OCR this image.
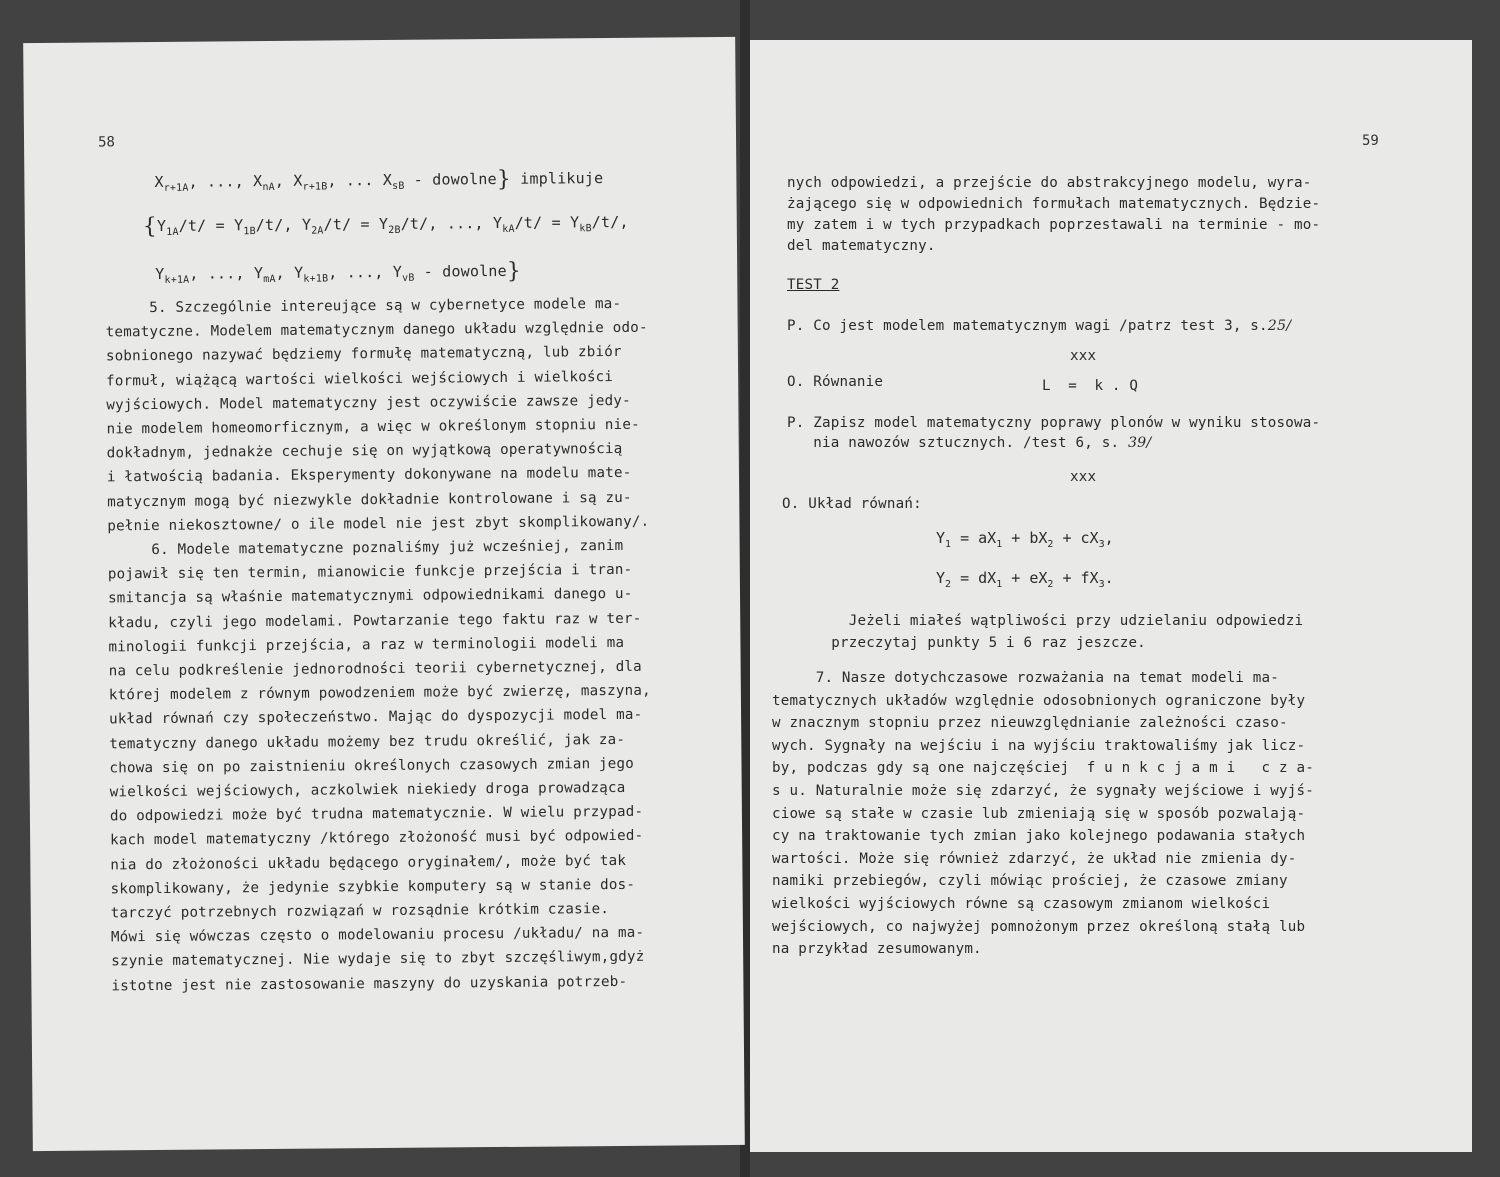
58
$X_{r+1A}$, ..., $X_{nA}$, $X_{r+1B}$, ... $X_{sB}$ - dowolne} implikuje
{$Y_{1A}/t/ = Y_{1B}/t/$, $Y_{2A}/t/ = Y_{2B}/t/$, ..., $Y_{kA}/t/ = Y_{kB}/t/$,
$Y_{k+1A}$, ..., $Y_{mA}$, $Y_{k+1B}$, ..., $Y_{vB}$ - dowolne}
5. Szczególnie intereujące są w cybernetyce modele ma-
tematyczne. Modelem matematycznym danego układu względnie odo-
sobnionego nazywać będziemy formułę matematyczną, lub zbiór
formuł, wiążącą wartości wielkości wejściowych i wielkości
wyjściowych. Model matematyczny jest oczywiście zawsze jedy-
nie modelem homeomorficznym, a więc w określonym stopniu nie-
dokładnym, jednakże cechuje się on wyjątkową operatywnością
i łatwością badania. Eksperymenty dokonywane na modelu mate-
matycznym mogą być niezwykle dokładnie kontrolowane i są zu-
pełnie niekosztowne/ o ile model nie jest zbyt skomplikowany/.
6. Modele matematyczne poznaliśmy już wcześniej, zanim
pojawił się ten termin, mianowicie funkcje przejścia i tran-
smitancja są właśnie matematycznymi odpowiednikami danego u-
kładu, czyli jego modelami. Powtarzanie tego faktu raz w ter-
minologii funkcji przejścia, a raz w terminologii modeli ma
na celu podkreślenie jednorodności teorii cybernetycznej, dla
której modelem z równym powodzeniem może być zwierzę, maszyna,
układ równań czy społeczeństwo. Mając do dyspozycji model ma-
tematyczny danego układu możemy bez trudu określić, jak za-
chowa się on po zaistnieniu określonych czasowych zmian jego
wielkości wejściowych, aczkolwiek niekiedy droga prowadząca
do odpowiedzi może być trudna matematycznie. W wielu przypad-
kach model matematyczny /którego złożoność musi być odpowied-
nia do złożoności układu będącego oryginałem/, może być tak
skomplikowany, że jedynie szybkie komputery są w stanie dos-
tarczyć potrzebnych rozwiązań w rozsądnie krótkim czasie.
Mówi się wówczas często o modelowaniu procesu /układu/ na ma-
szynie matematycznej. Nie wydaje się to zbyt szczęśliwym,gdyż
istotne jest nie zastosowanie maszyny do uzyskania potrzeb-
59
nych odpowiedzi, a przejście do abstrakcyjnego modelu, wyra-
żającego się w odpowiednich formułach matematycznych. Będzie-
my zatem i w tych przypadkach poprzestawali na terminie - mo-
del matematyczny.
TEST 2
P. Co jest modelem matematycznym wagi /patrz test 3, s.25/
xxx
O. Równanie	L  =  k . Q
P. Zapisz model matematyczny poprawy plonów w wyniku stosowa-
nia nawozów sztucznych. /test 6, s. 39/
xxx
O. Układ równań:
$Y_1 = aX_1 + bX_2 + cX_3$,
$Y_2 = dX_1 + eX_2 + fX_3$.
Jeżeli miałeś wątpliwości przy udzielaniu odpowiedzi
przeczytaj punkty 5 i 6 raz jeszcze.
7. Nasze dotychczasowe rozważania na temat modeli ma-
tematycznych układów względnie odosobnionych ograniczone były
w znacznym stopniu przez nieuwzględnianie zależności czaso-
wych. Sygnały na wejściu i na wyjściu traktowaliśmy jak licz-
by, podczas gdy są one najczęściej  f u n k c j a m i   c z a-
s u. Naturalnie może się zdarzyć, że sygnały wejściowe i wyjś-
ciowe są stałe w czasie lub zmieniają się w sposób pozwalają-
cy na traktowanie tych zmian jako kolejnego podawania stałych
wartości. Może się również zdarzyć, że układ nie zmienia dy-
namiki przebiegów, czyli mówiąc prościej, że czasowe zmiany
wielkości wyjściowych równe są czasowym zmianom wielkości
wejściowych, co najwyżej pomnożonym przez określoną stałą lub
na przykład zesumowanym.
